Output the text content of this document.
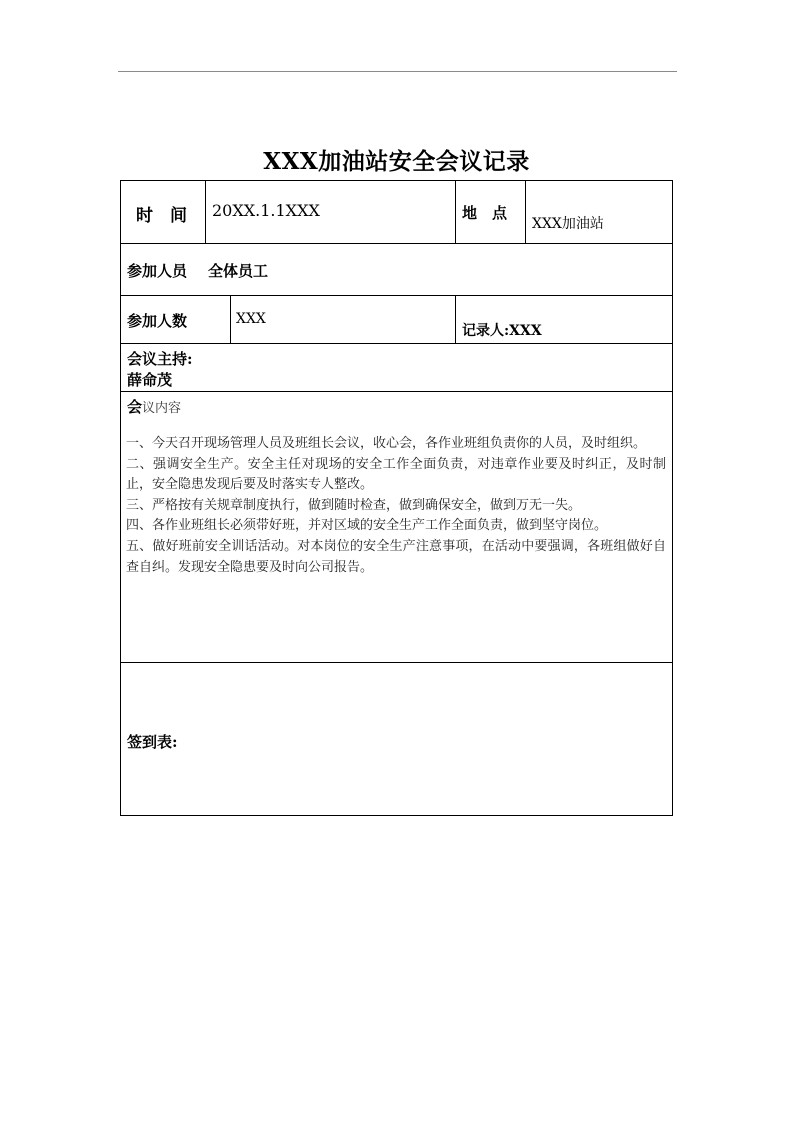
XXX加油站安全会议记录
时　间 20XX.1.1XXX	地　点
XXX加油站
参加人员 全体员工
参加人数	XXX
记录人:XXX
会议主持:
薛命茂
会议内容

一、今天召开现场管理人员及班组长会议，收心会，各作业班组负责你的人员，及时组织。

二、强调安全生产。安全主任对现场的安全工作全面负责，对违章作业要及时纠正，及时制止，安全隐患发现后要及时落实专人整改。

三、严格按有关规章制度执行，做到随时检查，做到确保安全，做到万无一失。

四、各作业班组长必须带好班，并对区域的安全生产工作全面负责，做到坚守岗位。

五、做好班前安全训话活动。对本岗位的安全生产注意事项，在活动中要强调，各班组做好自查自纠。发现安全隐患要及时向公司报告。

签到表:
